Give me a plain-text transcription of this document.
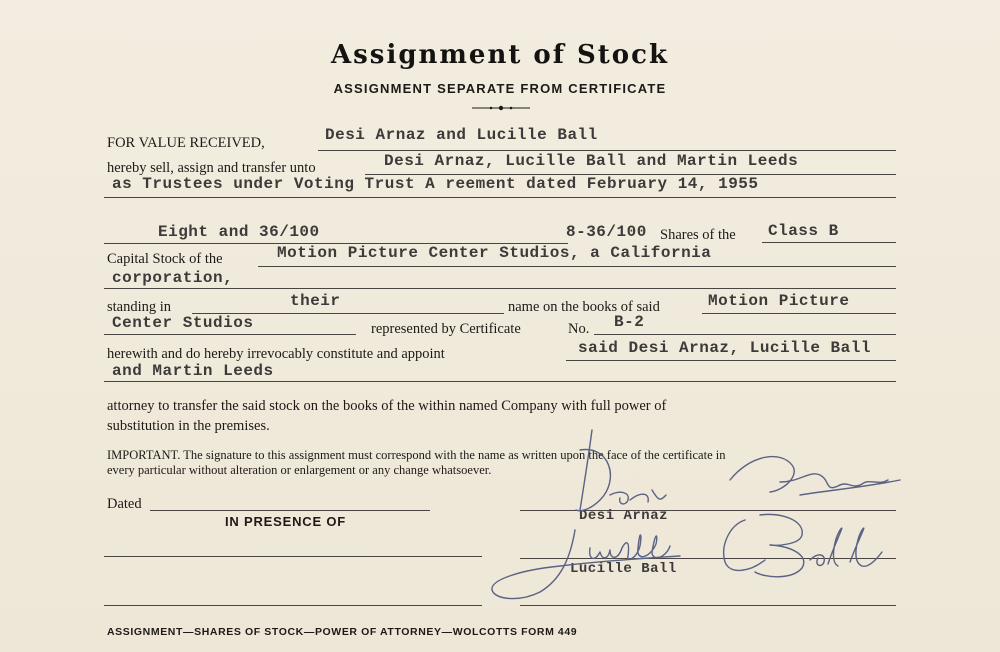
Assignment of Stock
ASSIGNMENT SEPARATE FROM CERTIFICATE
FOR VALUE RECEIVED,	Desi Arnaz and Lucille Ball
hereby sell, assign and transfer unto	Desi Arnaz, Lucille Ball and Martin Leeds
as Trustees under Voting Trust A reement dated February 14, 1955
Eight and 36/100	8-36/100 Shares of the Class B
Capital Stock of the	Motion Picture Center Studios, a California
corporation,
standing in	their	name on the books of said	Motion Picture
Center Studios	represented by Certificate	No. B-2
herewith and do hereby irrevocably constitute and appoint	said Desi Arnaz, Lucille Ball
and Martin Leeds
attorney to transfer the said stock on the books of the within named Company with full power of
substitution in the premises.
IMPORTANT. The signature to this assignment must correspond with the name as written upon the face of the certificate in
every particular without alteration or enlargement or any change whatsoever.
Dated
IN PRESENCE OF	Desi Arnaz
Lucille Ball
ASSIGNMENT—SHARES OF STOCK—POWER OF ATTORNEY—WOLCOTTS FORM 449
